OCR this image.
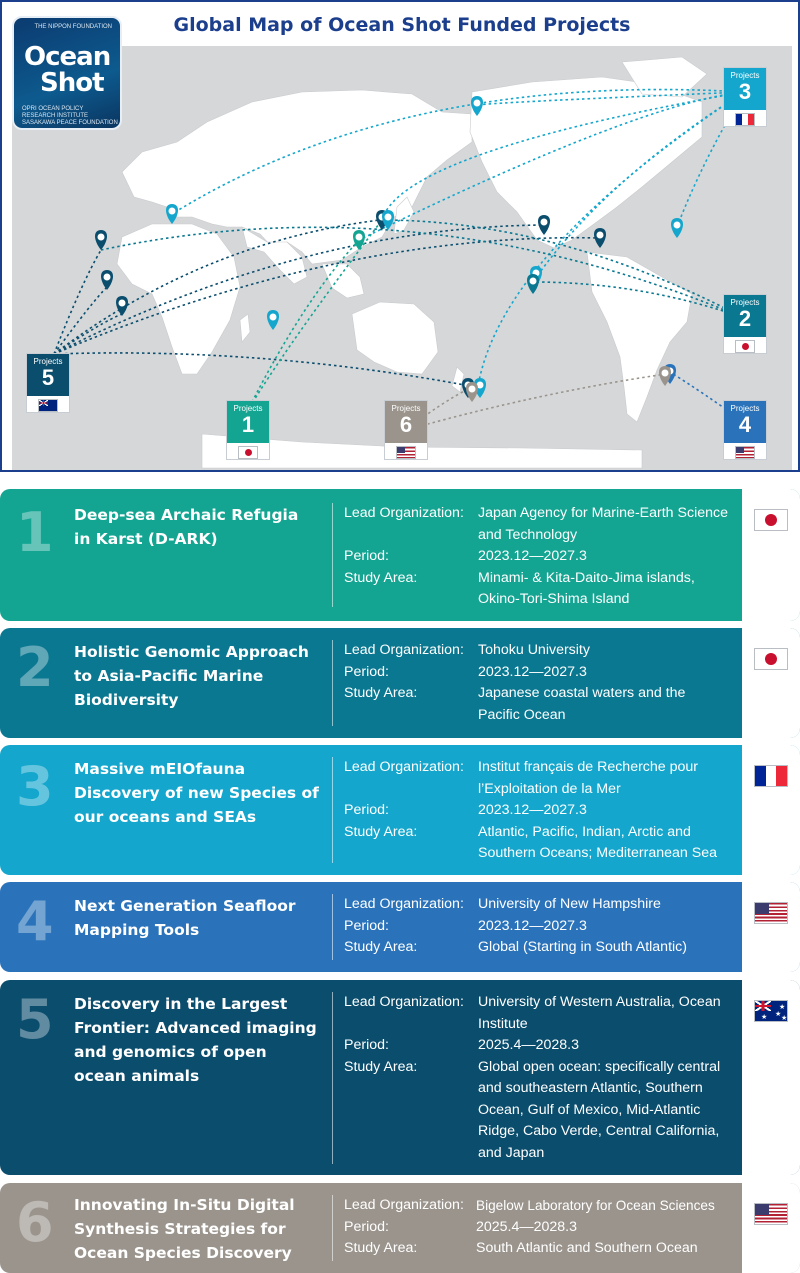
Global Map of Ocean Shot Funded Projects
THE NIPPON FOUNDATION
Ocean
Shot
OPRI OCEAN POLICY RESEARCH INSTITUTE
SASAKAWA PEACE FOUNDATION
Projects
1
Projects
2
Projects
3
Projects
4
Projects
5
Projects
6
1 Deep-sea Archaic Refugia in Karst (D-ARK)
Lead Organization: Japan Agency for Marine-Earth Science and Technology
Period:	2023.12—2027.3
Study Area:	Minami- & Kita-Daito-Jima islands, Okino-Tori-Shima Island
2 Holistic Genomic Approach to Asia-Pacific Marine Biodiversity
Lead Organization: Tohoku University
Period:	2023.12—2027.3
Study Area:	Japanese coastal waters and the Pacific Ocean
3 Massive mEIOfauna Discovery of new Species of our oceans and SEAs
Lead Organization: Institut français de Recherche pour l’Exploitation de la Mer
Period:	2023.12—2027.3
Study Area:	Atlantic, Pacific, Indian, Arctic and Southern Oceans; Mediterranean Sea
4 Next Generation Seafloor Mapping Tools
Lead Organization: University of New Hampshire
Period:	2023.12—2027.3
Study Area:	Global (Starting in South Atlantic)
5 Discovery in the Largest Frontier: Advanced imaging and genomics of open ocean animals
Lead Organization: University of Western Australia, Ocean Institute
Period:	2025.4—2028.3
Study Area:	Global open ocean: specifically central and southeastern Atlantic, Southern Ocean, Gulf of Mexico, Mid-Atlantic Ridge, Cabo Verde, Central California, and Japan
★
★
★
★
6 Innovating In-Situ Digital Synthesis Strategies for Ocean Species Discovery
Lead Organization: Bigelow Laboratory for Ocean Sciences
Period:	2025.4—2028.3
Study Area:	South Atlantic and Southern Ocean
